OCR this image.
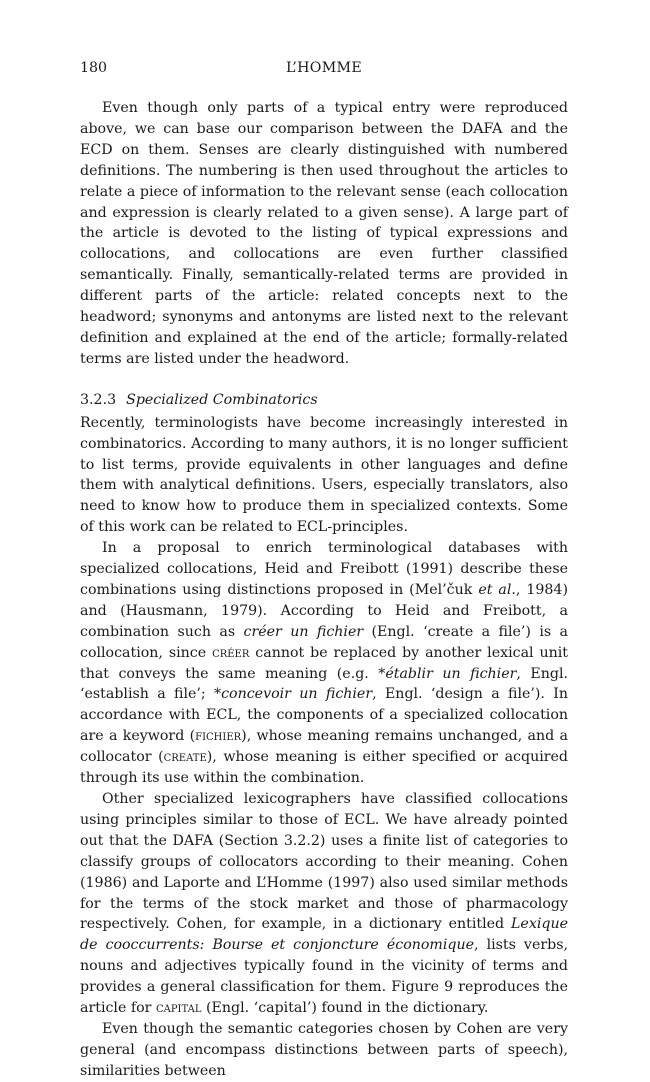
180	L’HOMME

Even though only parts of a typical entry were reproduced above, we can base our comparison between the DAFA and the ECD on them. Senses are clearly distinguished with numbered definitions. The numbering is then used throughout the articles to relate a piece of information to the relevant sense (each collocation and expression is clearly related to a given sense). A large part of the article is devoted to the listing of typical expressions and collocations, and collocations are even further classified semantically. Finally, semantically-related terms are provided in different parts of the article: related concepts next to the headword; synonyms and antonyms are listed next to the relevant definition and explained at the end of the article; formally-related terms are listed under the headword.

3.2.3 Specialized Combinatorics

Recently, terminologists have become increasingly interested in combinatorics. According to many authors, it is no longer sufficient to list terms, provide equivalents in other languages and define them with analytical definitions. Users, especially translators, also need to know how to produce them in specialized contexts. Some of this work can be related to ECL-principles.

In a proposal to enrich terminological databases with specialized collocations, Heid and Freibott (1991) describe these combinations using distinctions proposed in (Mel’čuk et al., 1984) and (Hausmann, 1979). According to Heid and Freibott, a combination such as créer un fichier (Engl. ‘create a file’) is a collocation, since créer cannot be replaced by another lexical unit that conveys the same meaning (e.g. *établir un fichier, Engl. ‘establish a file’; *concevoir un fichier, Engl. ‘design a file’). In accordance with ECL, the components of a specialized collocation are a keyword (fichier), whose meaning remains unchanged, and a collocator (create), whose meaning is either specified or acquired through its use within the combination.

Other specialized lexicographers have classified collocations using principles similar to those of ECL. We have already pointed out that the DAFA (Section 3.2.2) uses a finite list of categories to classify groups of collocators according to their meaning. Cohen (1986) and Laporte and L’Homme (1997) also used similar methods for the terms of the stock market and those of pharmacology respectively. Cohen, for example, in a dictionary entitled Lexique de cooccurrents: Bourse et conjoncture économique, lists verbs, nouns and adjectives typically found in the vicinity of terms and provides a general classification for them. Figure 9 reproduces the article for capital (Engl. ‘capital’) found in the dictionary.

Even though the semantic categories chosen by Cohen are very general (and encompass distinctions between parts of speech), similarities between
